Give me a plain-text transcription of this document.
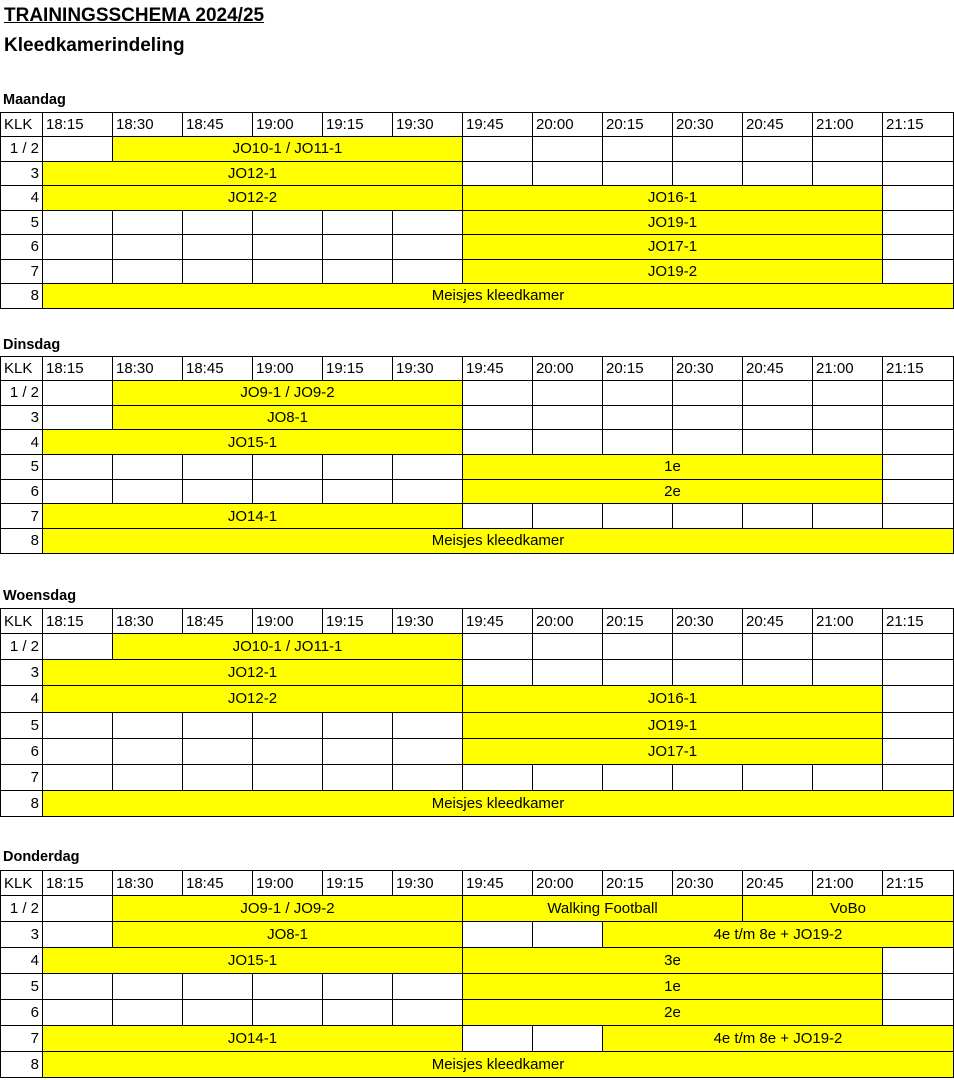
TRAININGSSCHEMA 2024/25
Kleedkamerindeling
Maandag
KLK	18:15	18:30	18:45	19:00	19:15	19:30	19:45	20:00	20:15	20:30	20:45	21:00	21:15
1 / 2		JO10-1 / JO11-1											
3	JO12-1												
4	JO12-2						JO16-1						
5							JO19-1						
6							JO17-1						
7							JO19-2						
8	Meisjes kleedkamer												
Dinsdag
KLK	18:15	18:30	18:45	19:00	19:15	19:30	19:45	20:00	20:15	20:30	20:45	21:00	21:15
1 / 2		JO9-1 / JO9-2											
3		JO8-1											
4	JO15-1												
5							1e						
6							2e						
7	JO14-1												
8	Meisjes kleedkamer												
Woensdag
KLK	18:15	18:30	18:45	19:00	19:15	19:30	19:45	20:00	20:15	20:30	20:45	21:00	21:15
1 / 2		JO10-1 / JO11-1											
3	JO12-1												
4	JO12-2						JO16-1						
5							JO19-1						
6							JO17-1						
7													
8	Meisjes kleedkamer												
Donderdag
KLK	18:15	18:30	18:45	19:00	19:15	19:30	19:45	20:00	20:15	20:30	20:45	21:00	21:15
1 / 2		JO9-1 / JO9-2					Walking Football				VoBo		
3		JO8-1							4e t/m 8e + JO19-2				
4	JO15-1						3e						
5							1e						
6							2e						
7	JO14-1								4e t/m 8e + JO19-2				
8	Meisjes kleedkamer												
